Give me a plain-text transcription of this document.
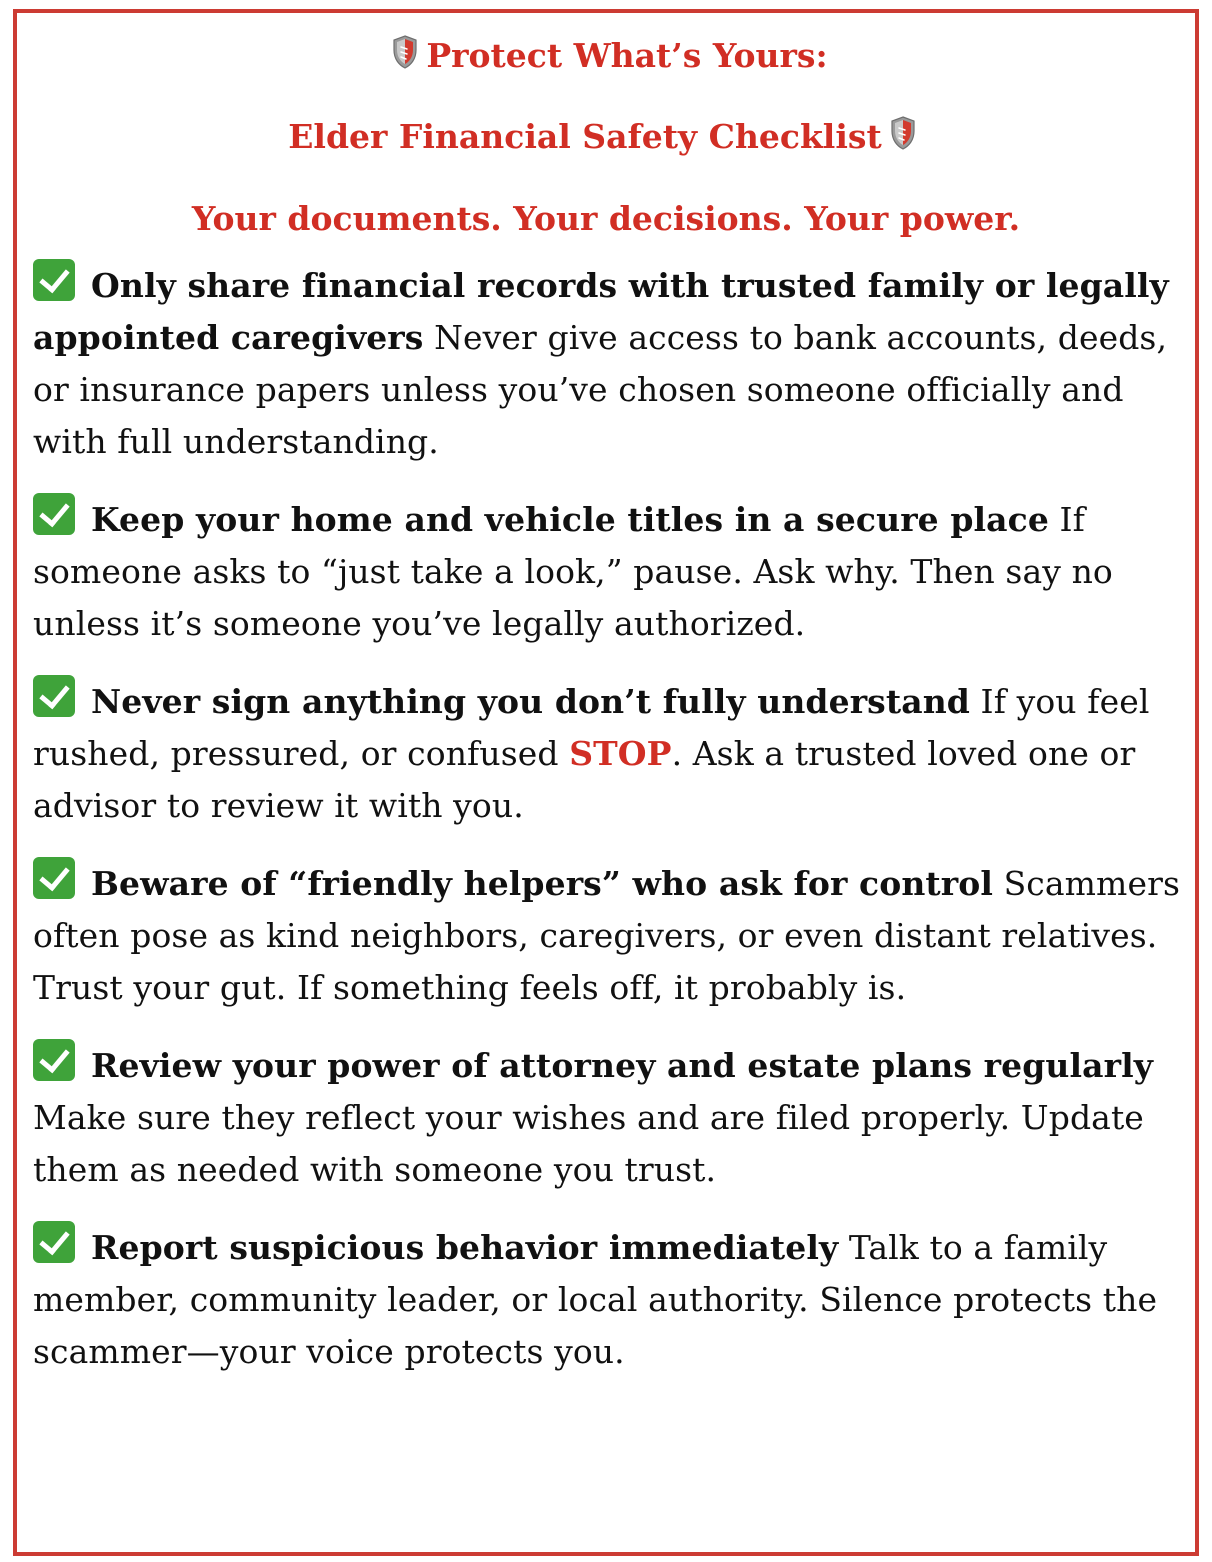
Protect What’s Yours:
Elder Financial Safety Checklist
Your documents. Your decisions. Your power.
Only share financial records with trusted family or legally appointed caregivers Never give access to bank accounts, deeds, or insurance papers unless you’ve chosen someone officially and with full understanding.
Keep your home and vehicle titles in a secure place If someone asks to “just take a look,” pause. Ask why. Then say no unless it’s someone you’ve legally authorized.
Never sign anything you don’t fully understand If you feel rushed, pressured, or confused STOP. Ask a trusted loved one or advisor to review it with you.
Beware of “friendly helpers” who ask for control Scammers often pose as kind neighbors, caregivers, or even distant relatives. Trust your gut. If something feels off, it probably is.
Review your power of attorney and estate plans regularly Make sure they reflect your wishes and are filed properly. Update them as needed with someone you trust.
Report suspicious behavior immediately Talk to a family member, community leader, or local authority. Silence protects the scammer—your voice protects you.
